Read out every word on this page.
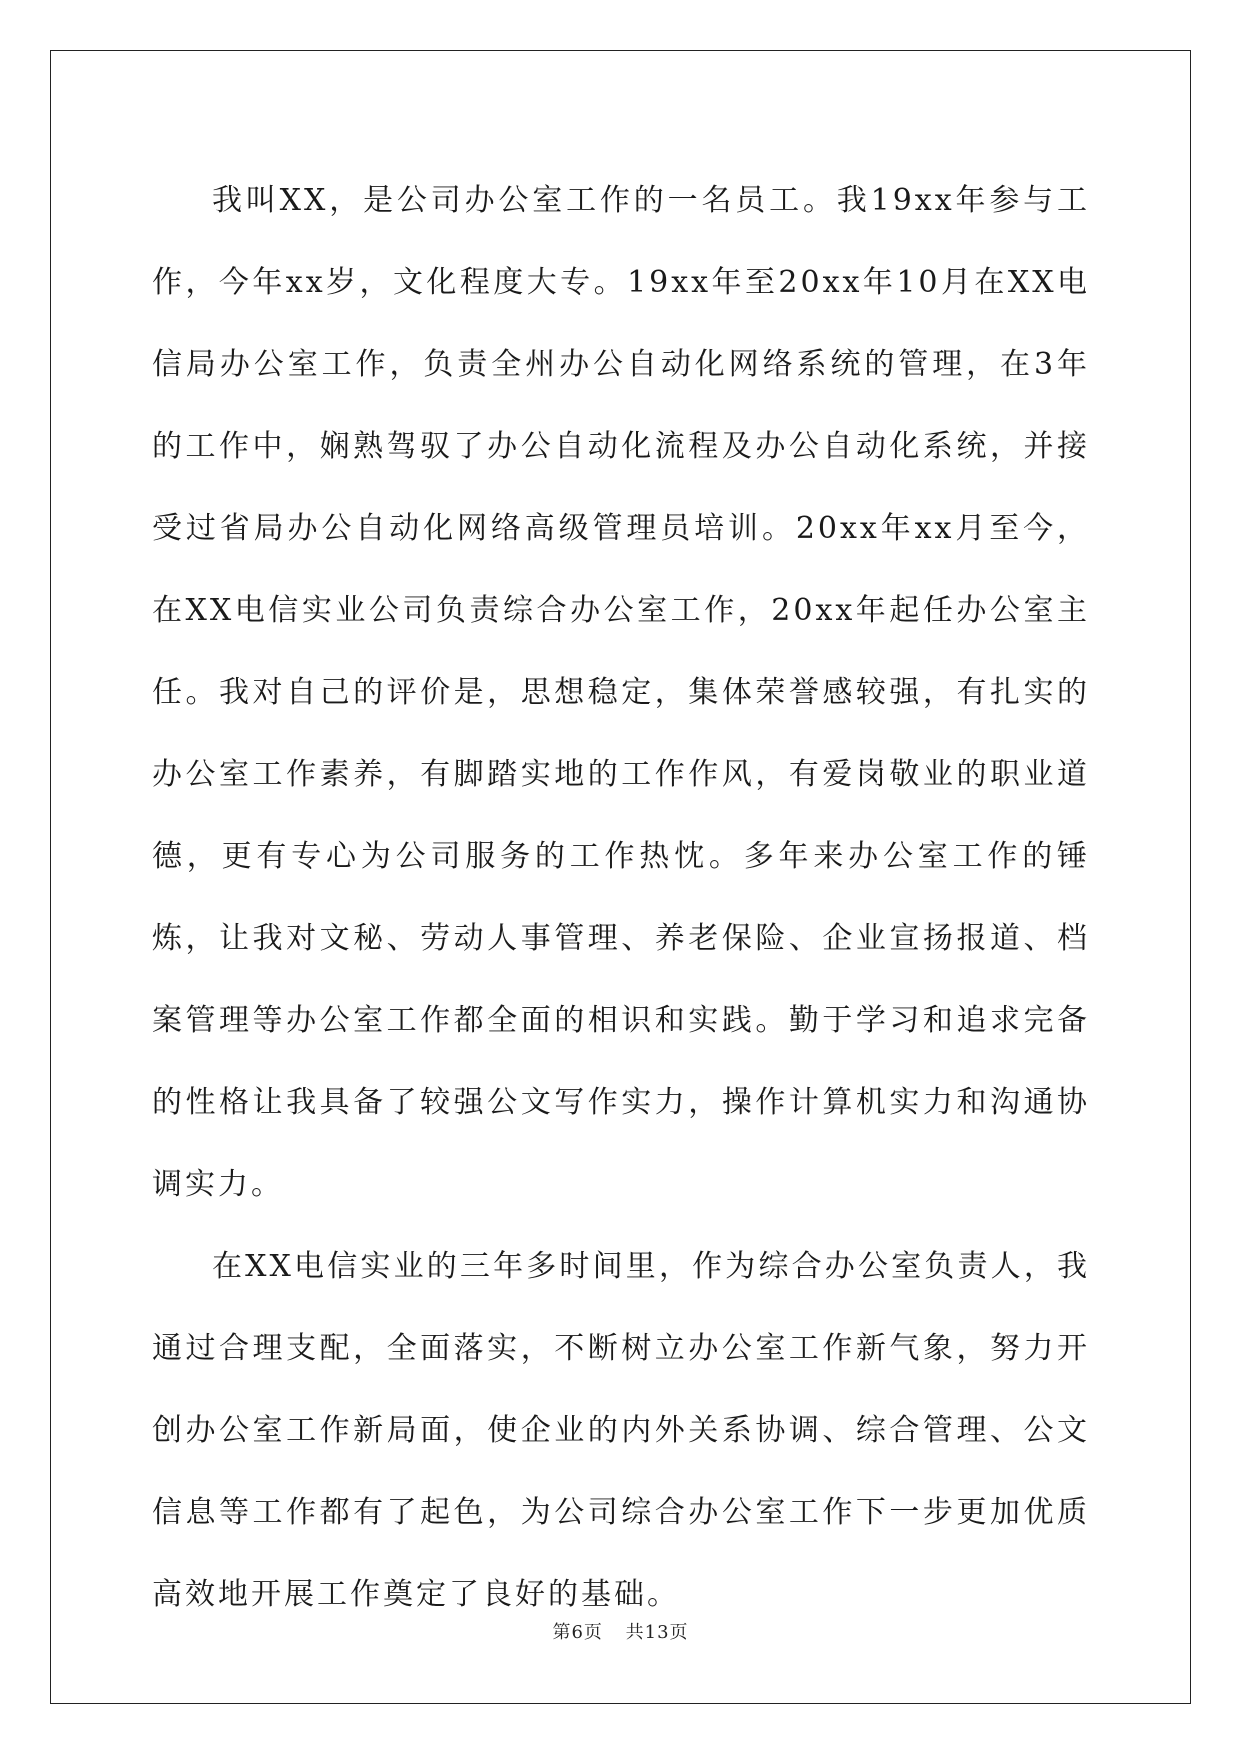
我叫XX，是公司办公室工作的一名员工。我19xx年参与工作，今年xx岁，文化程度大专。19xx年至20xx年10月在XX电信局办公室工作，负责全州办公自动化网络系统的管理，在3年的工作中，娴熟驾驭了办公自动化流程及办公自动化系统，并接受过省局办公自动化网络高级管理员培训。20xx年xx月至今，在XX电信实业公司负责综合办公室工作，20xx年起任办公室主任。我对自己的评价是，思想稳定，集体荣誉感较强，有扎实的办公室工作素养，有脚踏实地的工作作风，有爱岗敬业的职业道德，更有专心为公司服务的工作热忱。多年来办公室工作的锤炼，让我对文秘、劳动人事管理、养老保险、企业宣扬报道、档案管理等办公室工作都全面的相识和实践。勤于学习和追求完备的性格让我具备了较强公文写作实力，操作计算机实力和沟通协调实力。

在XX电信实业的三年多时间里，作为综合办公室负责人，我通过合理支配，全面落实，不断树立办公室工作新气象，努力开创办公室工作新局面，使企业的内外关系协调、综合管理、公文信息等工作都有了起色，为公司综合办公室工作下一步更加优质高效地开展工作奠定了良好的基础。

第6页 共13页
